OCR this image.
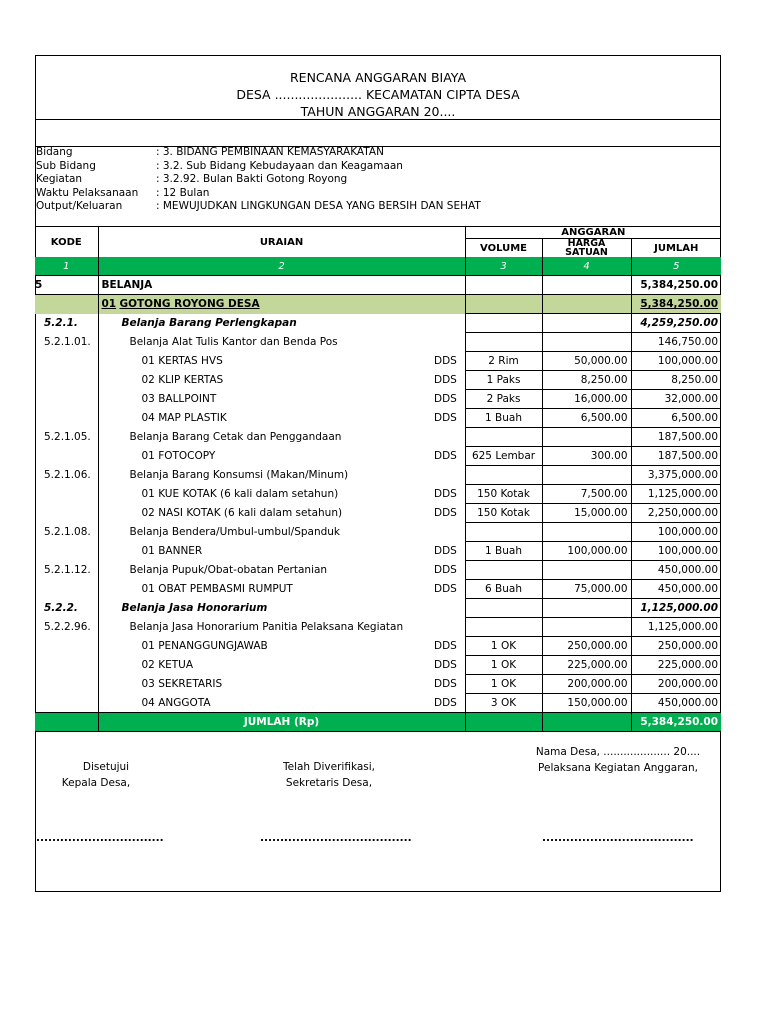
RENCANA ANGGARAN BIAYA
DESA ...................... KECAMATAN CIPTA DESA
TAHUN ANGGARAN 20....
Bidang	: 3. BIDANG PEMBINAAN KEMASYARAKATAN
Sub Bidang	: 3.2. Sub Bidang Kebudayaan dan Keagamaan
Kegiatan	: 3.2.92. Bulan Bakti Gotong Royong
Waktu Pelaksanaan : 12 Bulan
Output/Keluaran	: MEWUJUDKAN LINGKUNGAN DESA YANG BERSIH DAN SEHAT
KODE	URAIAN		ANGGARAN		
			VOLUME	HARGA SATUAN	JUMLAH
1	2		3	4	5
5	BELANJA				5,384,250.00
	01 GOTONG ROYONG DESA				5,384,250.00
5.2.1.	Belanja Barang Perlengkapan				4,259,250.00
5.2.1.01.	Belanja Alat Tulis Kantor dan Benda Pos				146,750.00
	01 KERTAS HVS	DDS	2 Rim	50,000.00	100,000.00
	02 KLIP KERTAS	DDS	1 Paks	8,250.00	8,250.00
	03 BALLPOINT	DDS	2 Paks	16,000.00	32,000.00
	04 MAP PLASTIK	DDS	1 Buah	6,500.00	6,500.00
5.2.1.05.	Belanja Barang Cetak dan Penggandaan				187,500.00
	01 FOTOCOPY	DDS	625 Lembar	300.00	187,500.00
5.2.1.06.	Belanja Barang Konsumsi (Makan/Minum)				3,375,000.00
	01 KUE KOTAK (6 kali dalam setahun)	DDS	150 Kotak	7,500.00	1,125,000.00
	02 NASI KOTAK (6 kali dalam setahun)	DDS	150 Kotak	15,000.00	2,250,000.00
5.2.1.08.	Belanja Bendera/Umbul-umbul/Spanduk				100,000.00
	01 BANNER	DDS	1 Buah	100,000.00	100,000.00
5.2.1.12.	Belanja Pupuk/Obat-obatan Pertanian	DDS			450,000.00
	01 OBAT PEMBASMI RUMPUT	DDS	6 Buah	75,000.00	450,000.00
5.2.2.	Belanja Jasa Honorarium				1,125,000.00
5.2.2.96.	Belanja Jasa Honorarium Panitia Pelaksana Kegiatan				1,125,000.00
	01 PENANGGUNGJAWAB	DDS	1 OK	250,000.00	250,000.00
	02 KETUA	DDS	1 OK	225,000.00	225,000.00
	03 SEKRETARIS	DDS	1 OK	200,000.00	200,000.00
	04 ANGGOTA	DDS	3 OK	150,000.00	450,000.00
	JUMLAH (Rp)				5,384,250.00
Disetujui
Kepala Desa,
Telah Diverifikasi,
Sekretaris Desa,
Nama Desa, .................... 20....
Pelaksana Kegiatan Anggaran,
................................	......................................	......................................
